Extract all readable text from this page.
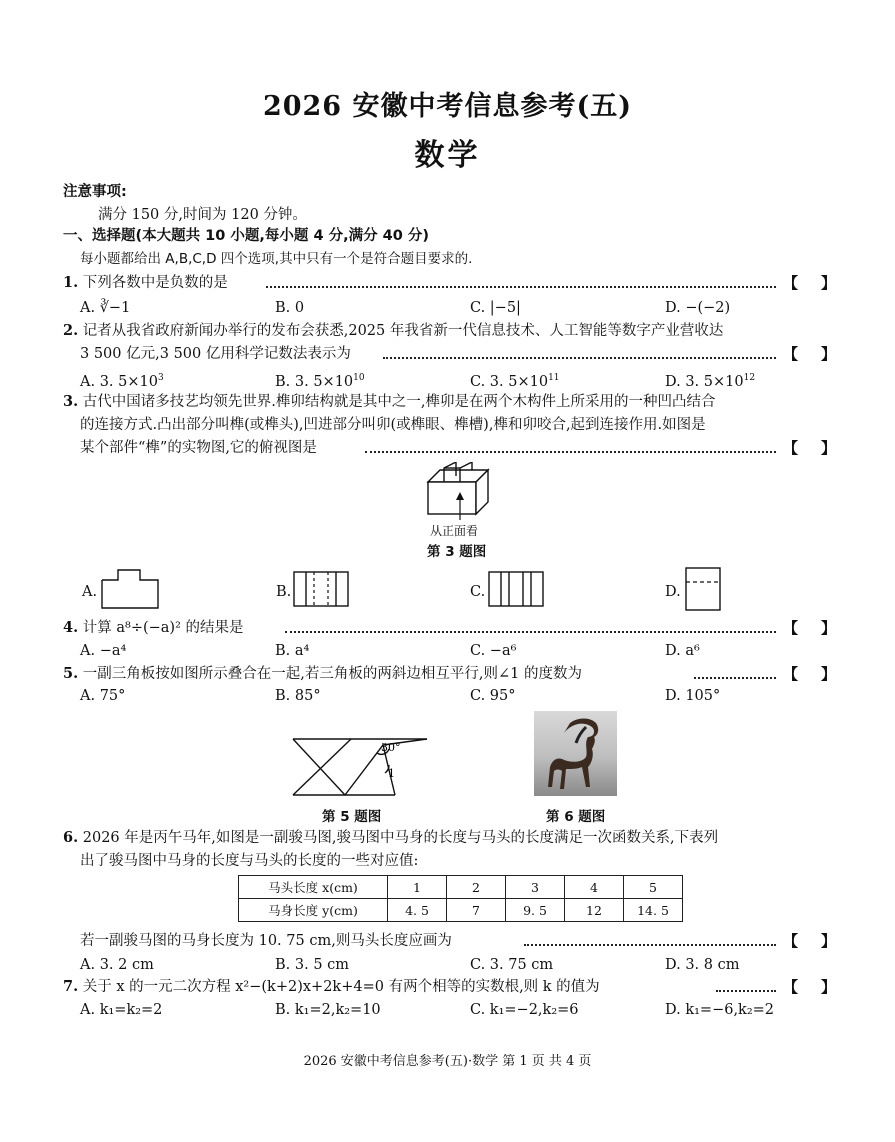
2026 安徽中考信息参考(五)
数学
注意事项:
满分 150 分,时间为 120 分钟。
一、选择题(本大题共 10 小题,每小题 4 分,满分 40 分)
每小题都给出 A,B,C,D 四个选项,其中只有一个是符合题目要求的.
1. 下列各数中是负数的是	【 】
A. ∛−1	B. 0	C. |−5|	D. −(−2)
2. 记者从我省政府新闻办举行的发布会获悉,2025 年我省新一代信息技术、人工智能等数字产业营收达
3 500 亿元,3 500 亿用科学记数法表示为	【 】
A. 3. $5\times 10^3$	B. 3. $5\times 10^{10}$	C. 3. $5\times 10^{11}$	D. 3. $5\times 10^{12}$
3. 古代中国诸多技艺均领先世界.榫卯结构就是其中之一,榫卯是在两个木构件上所采用的一种凹凸结合
的连接方式.凸出部分叫榫(或榫头),凹进部分叫卯(或榫眼、榫槽),榫和卯咬合,起到连接作用.如图是
某个部件“榫”的实物图,它的俯视图是	【 】
从正面看
第 3 题图
A.	B.	C.	D.
4. 计算 a⁸÷(−a)² 的结果是	【 】
A. −a⁴	B. a⁴	C. −a⁶	D. a⁶
5. 一副三角板按如图所示叠合在一起,若三角板的两斜边相互平行,则∠1 的度数为	【 】
A. 75°	B. 85°	C. 95°	D. 105°
30°
1
第 5 题图	第 6 题图
6. 2026 年是丙午马年,如图是一副骏马图,骏马图中马身的长度与马头的长度满足一次函数关系,下表列
出了骏马图中马身的长度与马头的长度的一些对应值:
马头长度 x(cm)	1	2	3	4	5
马身长度 y(cm)	4. 5	7	9. 5	12	14. 5
若一副骏马图的马身长度为 10. 75 cm,则马头长度应画为	【 】
A. 3. 2 cm	B. 3. 5 cm	C. 3. 75 cm	D. 3. 8 cm
7. 关于 x 的一元二次方程 x²−(k+2)x+2k+4=0 有两个相等的实数根,则 k 的值为	【 】
A. k₁=k₂=2	B. k₁=2,k₂=10	C. k₁=−2,k₂=6	D. k₁=−6,k₂=2
2026 安徽中考信息参考(五)·数学 第 1 页 共 4 页
